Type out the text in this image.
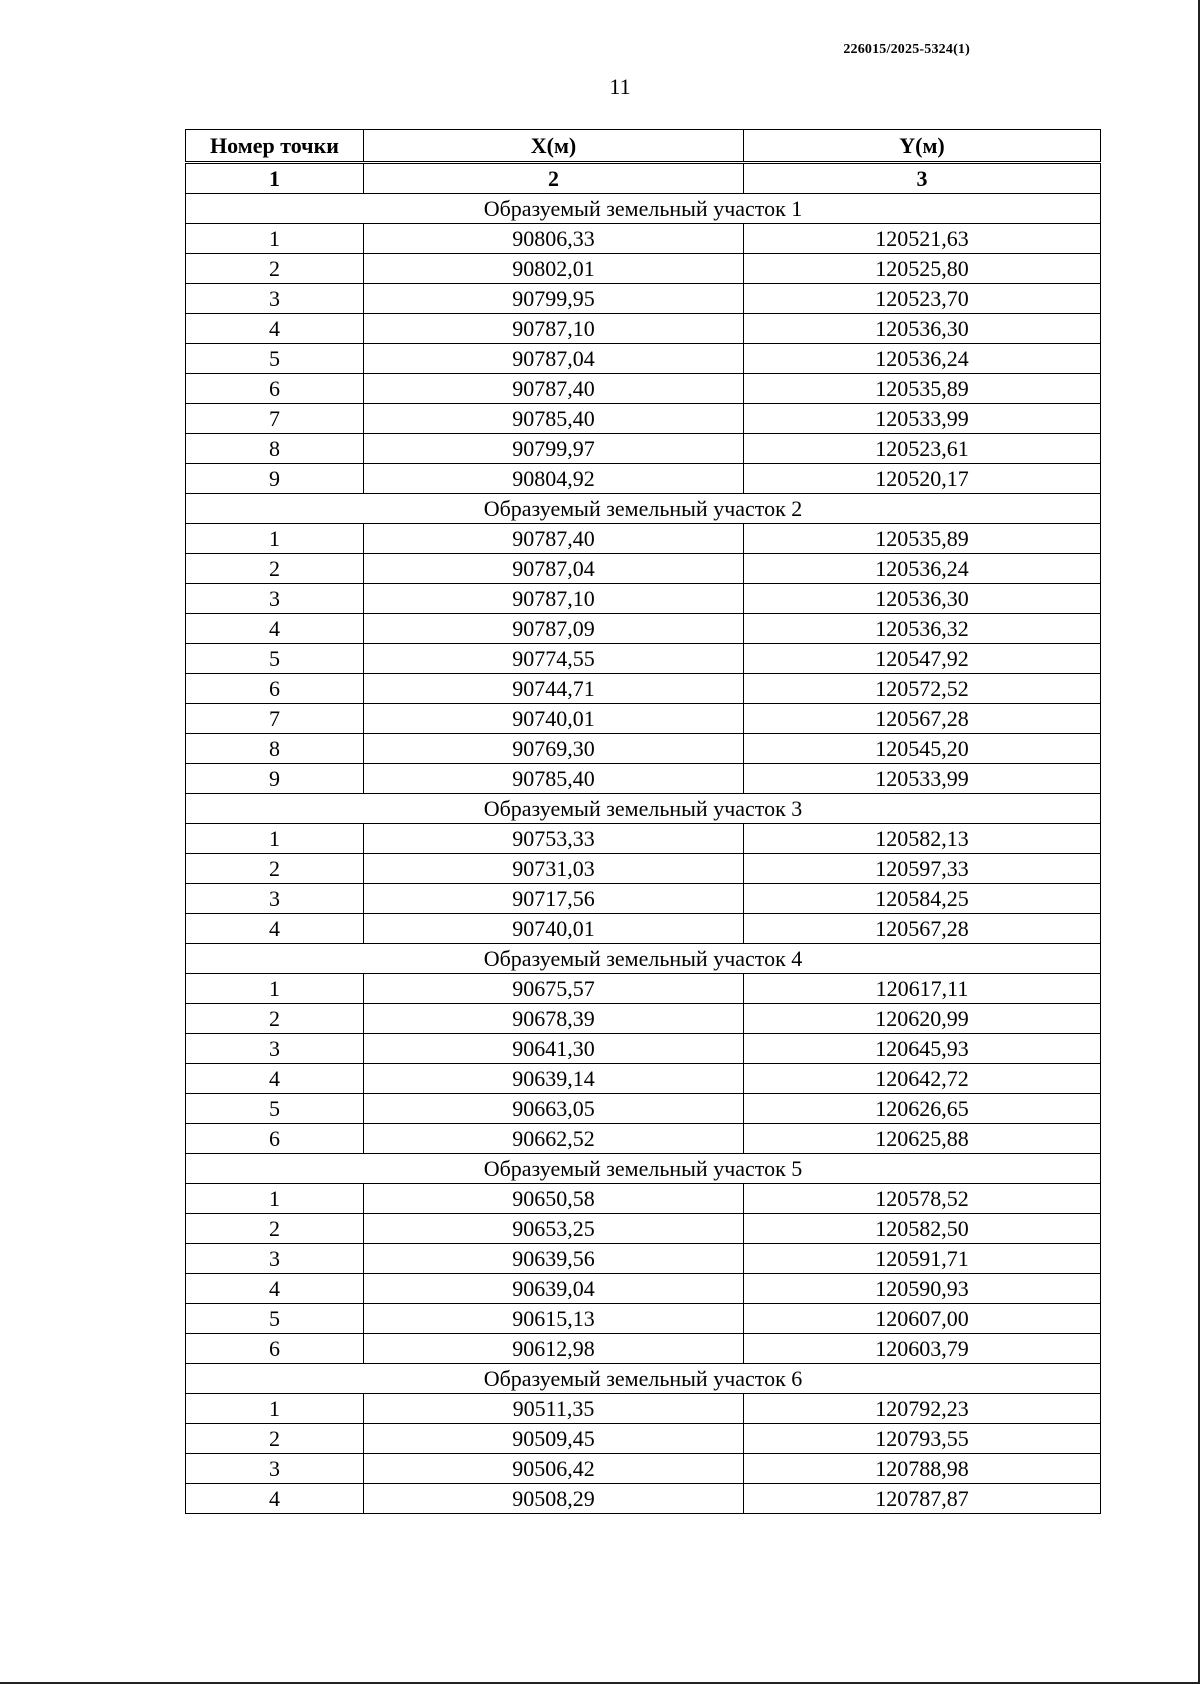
226015/2025-5324(1)
11
Номер точки	X(м)	Y(м)
1	2	3
Образуемый земельный участок 1		
1	90806,33	120521,63
2	90802,01	120525,80
3	90799,95	120523,70
4	90787,10	120536,30
5	90787,04	120536,24
6	90787,40	120535,89
7	90785,40	120533,99
8	90799,97	120523,61
9	90804,92	120520,17
Образуемый земельный участок 2		
1	90787,40	120535,89
2	90787,04	120536,24
3	90787,10	120536,30
4	90787,09	120536,32
5	90774,55	120547,92
6	90744,71	120572,52
7	90740,01	120567,28
8	90769,30	120545,20
9	90785,40	120533,99
Образуемый земельный участок 3		
1	90753,33	120582,13
2	90731,03	120597,33
3	90717,56	120584,25
4	90740,01	120567,28
Образуемый земельный участок 4		
1	90675,57	120617,11
2	90678,39	120620,99
3	90641,30	120645,93
4	90639,14	120642,72
5	90663,05	120626,65
6	90662,52	120625,88
Образуемый земельный участок 5		
1	90650,58	120578,52
2	90653,25	120582,50
3	90639,56	120591,71
4	90639,04	120590,93
5	90615,13	120607,00
6	90612,98	120603,79
Образуемый земельный участок 6		
1	90511,35	120792,23
2	90509,45	120793,55
3	90506,42	120788,98
4	90508,29	120787,87
